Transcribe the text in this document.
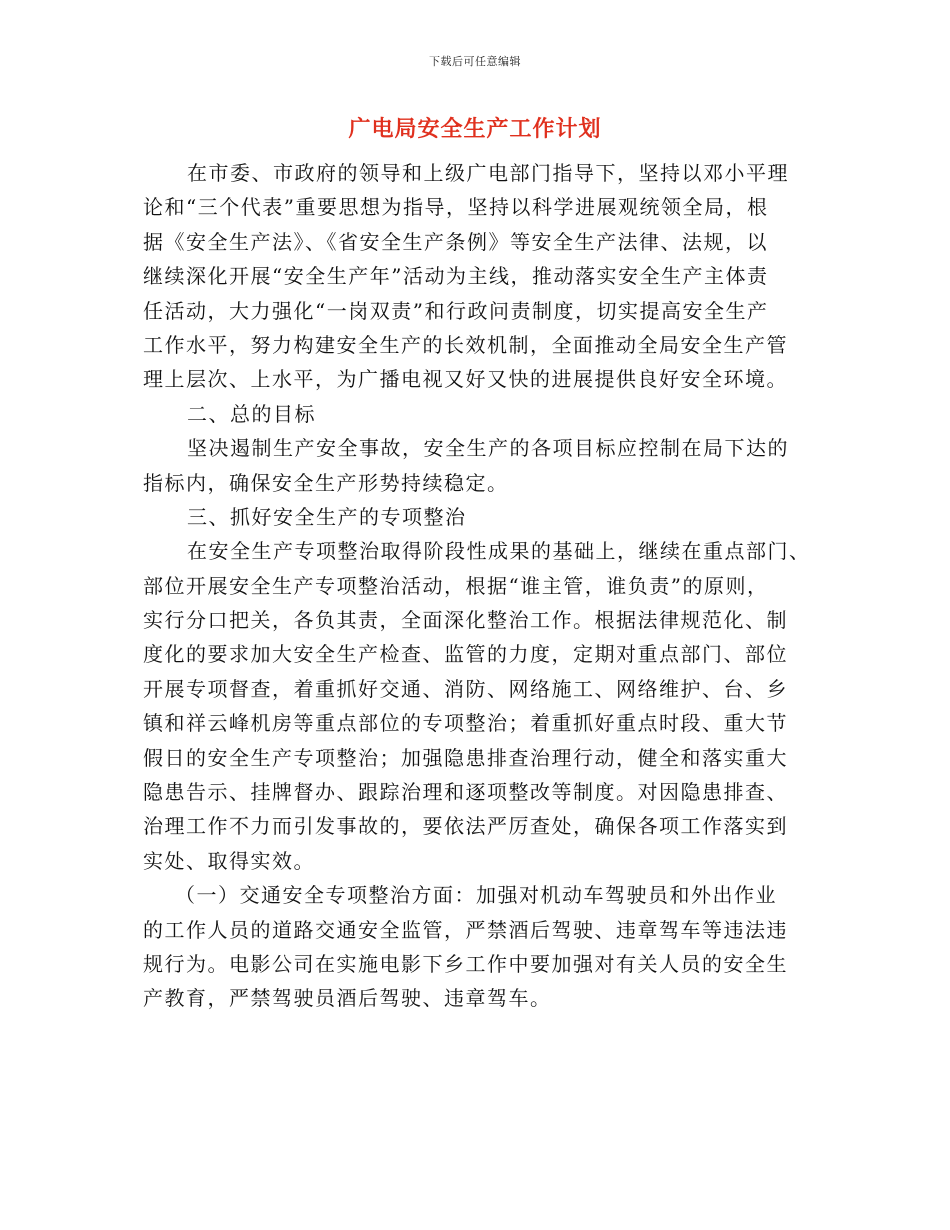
下载后可任意编辑
广电局安全生产工作计划
在市委、市政府的领导和上级广电部门指导下，坚持以邓小平理
论和“三个代表”重要思想为指导，坚持以科学进展观统领全局，根
据《安全生产法》、《省安全生产条例》等安全生产法律、法规，以
继续深化开展“安全生产年”活动为主线，推动落实安全生产主体责
任活动，大力强化“一岗双责”和行政问责制度，切实提高安全生产
工作水平，努力构建安全生产的长效机制，全面推动全局安全生产管
理上层次、上水平，为广播电视又好又快的进展提供良好安全环境。
二、总的目标
坚决遏制生产安全事故，安全生产的各项目标应控制在局下达的
指标内，确保安全生产形势持续稳定。
三、抓好安全生产的专项整治
在安全生产专项整治取得阶段性成果的基础上，继续在重点部门、
部位开展安全生产专项整治活动，根据“谁主管，谁负责”的原则，
实行分口把关，各负其责，全面深化整治工作。根据法律规范化、制
度化的要求加大安全生产检查、监管的力度，定期对重点部门、部位
开展专项督查，着重抓好交通、消防、网络施工、网络维护、台、乡
镇和祥云峰机房等重点部位的专项整治；着重抓好重点时段、重大节
假日的安全生产专项整治；加强隐患排查治理行动，健全和落实重大
隐患告示、挂牌督办、跟踪治理和逐项整改等制度。对因隐患排查、
治理工作不力而引发事故的，要依法严厉查处，确保各项工作落实到
实处、取得实效。
（一）交通安全专项整治方面：加强对机动车驾驶员和外出作业
的工作人员的道路交通安全监管，严禁酒后驾驶、违章驾车等违法违
规行为。电影公司在实施电影下乡工作中要加强对有关人员的安全生
产教育，严禁驾驶员酒后驾驶、违章驾车。
